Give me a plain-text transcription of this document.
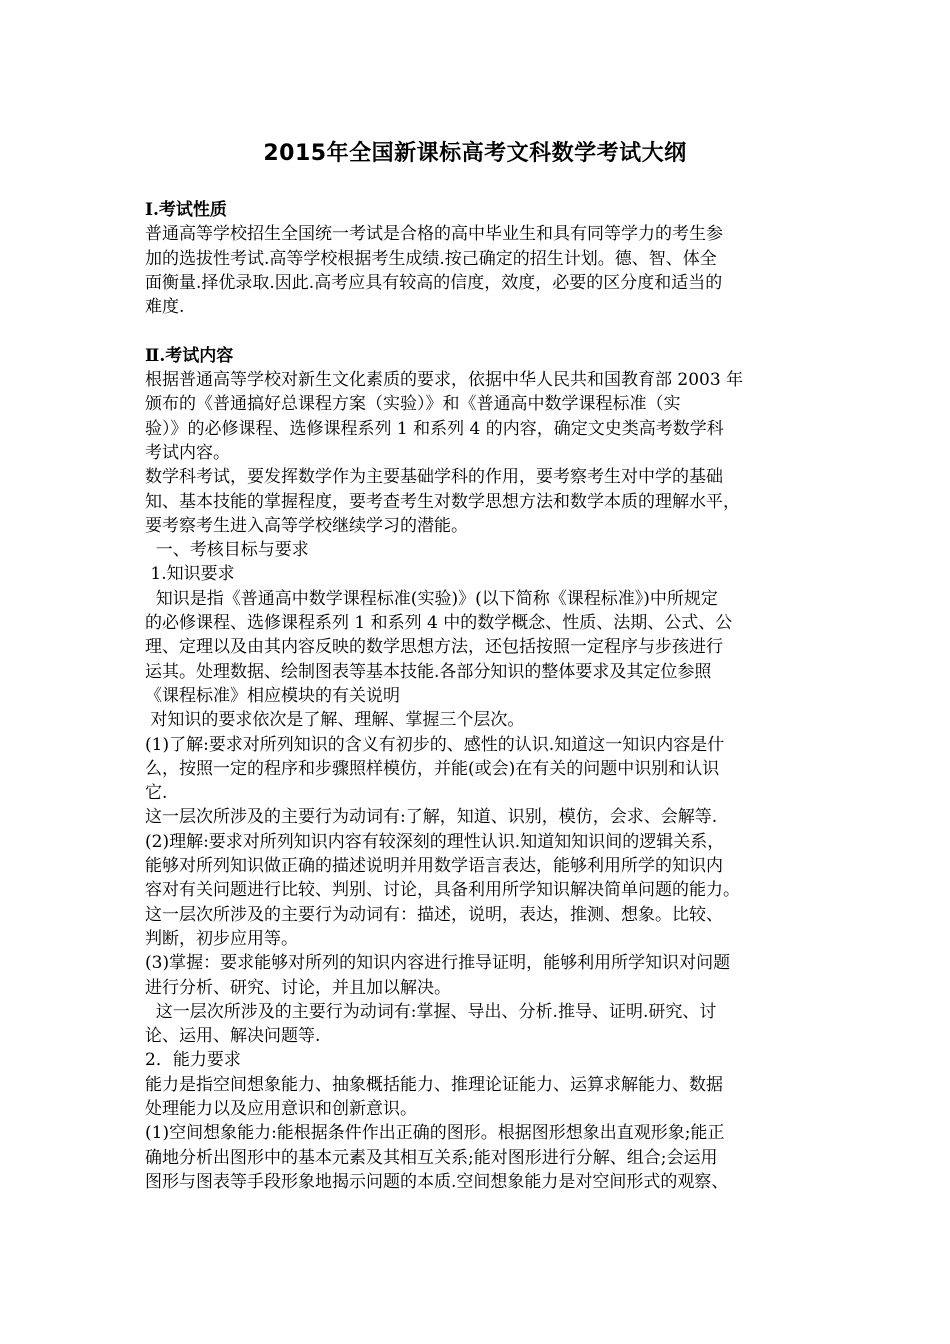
2015年全国新课标高考文科数学考试大纲
I.考试性质
普通高等学校招生全国统一考试是合格的高中毕业生和具有同等学力的考生参
加的选拔性考试.高等学校根据考生成绩.按己确定的招生计划。德、智、体全
面衡量.择优录取.因此.高考应具有较高的信度，效度，必要的区分度和适当的
难度.
Ⅱ.考试内容
根据普通高等学校对新生文化素质的要求，依据中华人民共和国教育部 2003 年
颁布的《普通搞好总课程方案（实验）》和《普通高中数学课程标准（实
验）》的必修课程、选修课程系列 1 和系列 4 的内容，确定文史类高考数学科
考试内容。
数学科考试，要发挥数学作为主要基础学科的作用，要考察考生对中学的基础
知、基本技能的掌握程度，要考查考生对数学思想方法和数学本质的理解水平，
要考察考生进入高等学校继续学习的潜能。
一、考核目标与要求
1.知识要求
知识是指《普通高中数学课程标准(实验)》(以下简称《课程标准》)中所规定
的必修课程、选修课程系列 1 和系列 4 中的数学概念、性质、法期、公式、公
理、定理以及由其内容反映的数学思想方法，还包括按照一定程序与步孩进行
运其。处理数据、绘制图表等基本技能.各部分知识的整体要求及其定位参照
《课程标准》相应模块的有关说明
对知识的要求依次是了解、理解、掌握三个层次。
(1)了解:要求对所列知识的含义有初步的、感性的认识.知道这一知识内容是什
么，按照一定的程序和步骤照样模仿，并能(或会)在有关的问题中识别和认识
它.
这一层次所涉及的主要行为动词有:了解，知道、识别，模仿，会求、会解等.
(2)理解:要求对所列知识内容有较深刻的理性认识.知道知知识间的逻辑关系，
能够对所列知识做正确的描述说明并用数学语言表达，能够利用所学的知识内
容对有关问题进行比较、判别、讨论，具备利用所学知识解决简单问题的能力。
这一层次所涉及的主要行为动词有：描述，说明，表达，推测、想象。比较、
判断，初步应用等。
(3)掌握：要求能够对所列的知识内容进行推导证明，能够利用所学知识对问题
进行分析、研究、讨论，并且加以解决。
这一层次所涉及的主要行为动词有:掌握、导出、分析.推导、证明.研究、讨
论、运用、解决问题等.
2．能力要求
能力是指空间想象能力、抽象概括能力、推理论证能力、运算求解能力、数据
处理能力以及应用意识和创新意识。
(1)空间想象能力:能根据条件作出正确的图形。根据图形想象出直观形象;能正
确地分析出图形中的基本元素及其相互关系;能对图形进行分解、组合;会运用
图形与图表等手段形象地揭示问题的本质.空间想象能力是对空间形式的观察、
